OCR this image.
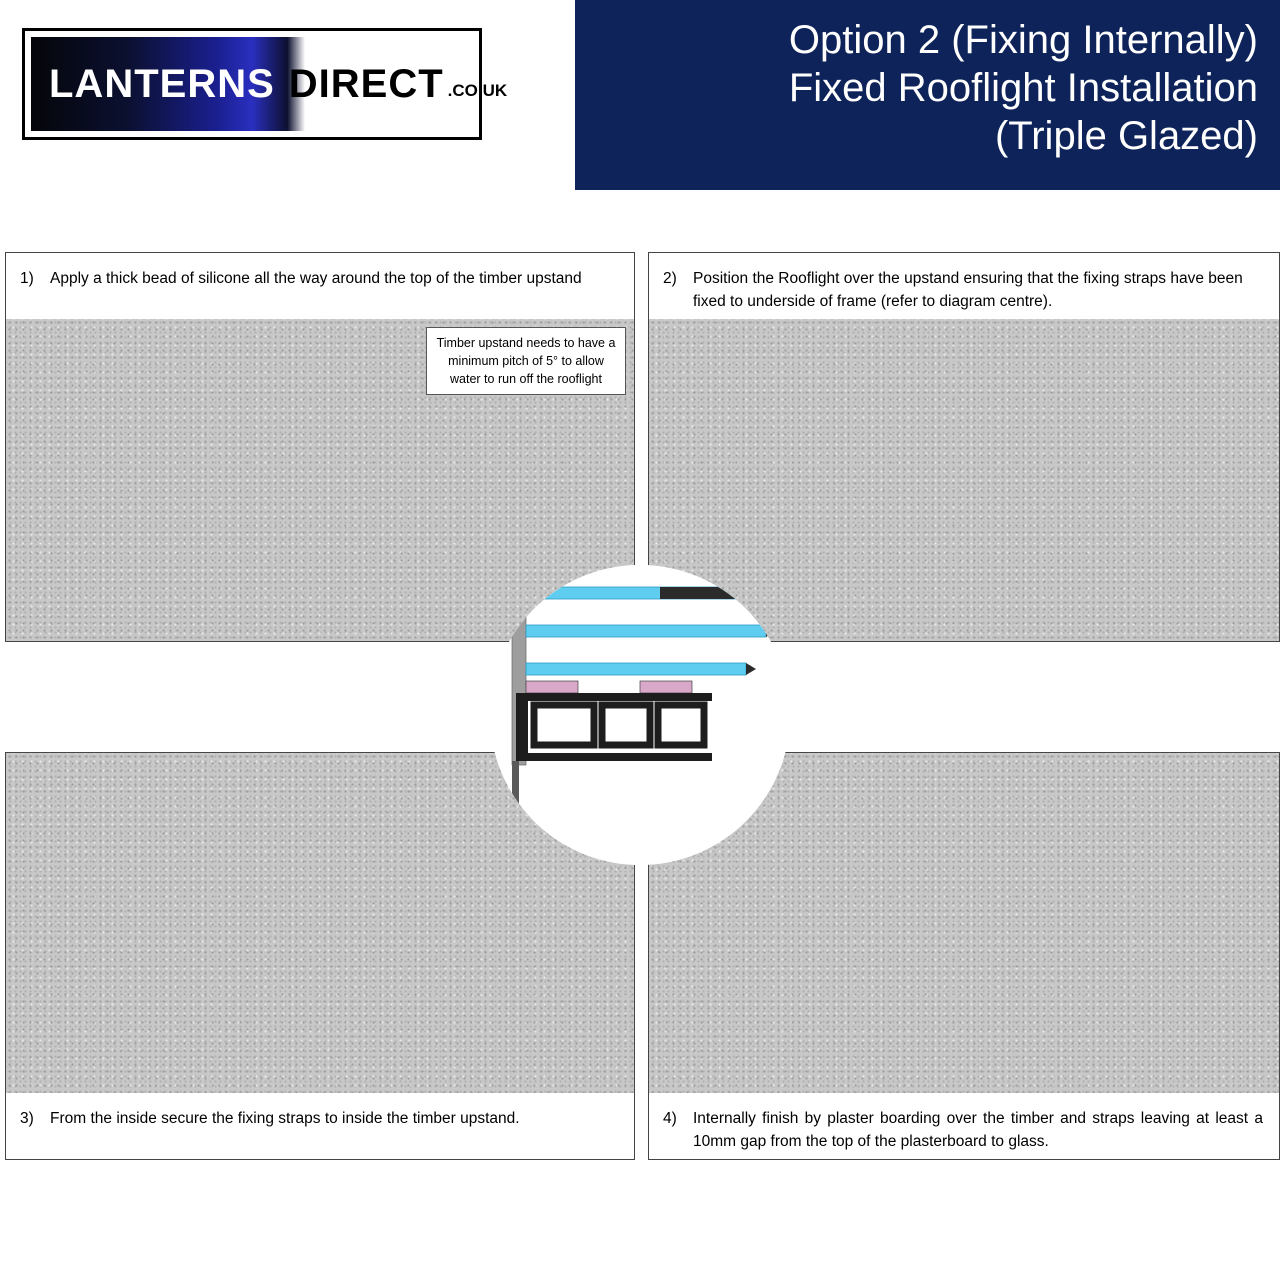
LANTERNS DIRECT .CO.UK
Option 2 (Fixing Internally)
Fixed Rooflight Installation
(Triple Glazed)
1)	Apply a thick bead of silicone all the way around the top of the timber upstand
Timber upstand needs to have a minimum pitch of 5° to allow water to run off the rooflight
2)	Position the Rooflight over the upstand ensuring that the fixing straps have been fixed to underside of frame (refer to diagram centre).
3)	From the inside secure the fixing straps to inside the timber upstand.	4)	Internally finish by plaster boarding over the timber and straps leaving at least a 10mm gap from the top of the plasterboard to glass.
